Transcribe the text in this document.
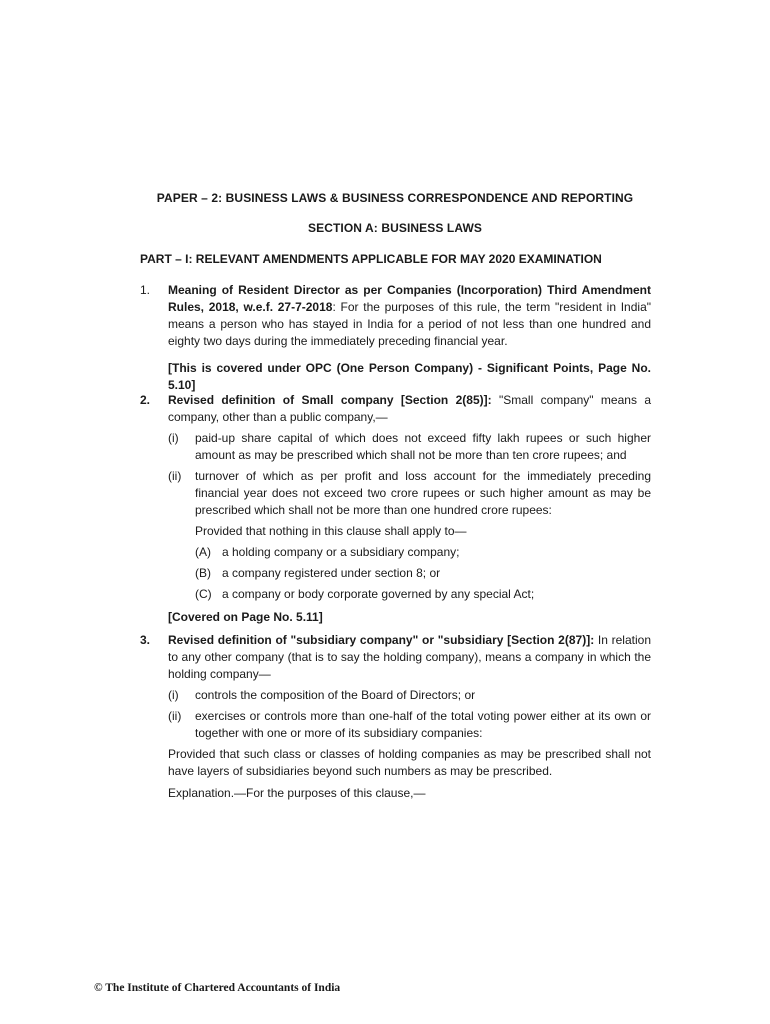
PAPER – 2: BUSINESS LAWS & BUSINESS CORRESPONDENCE AND REPORTING
SECTION A: BUSINESS LAWS
PART – I: RELEVANT AMENDMENTS APPLICABLE FOR MAY 2020 EXAMINATION
1.	Meaning of Resident Director as per Companies (Incorporation) Third Amendment Rules, 2018, w.e.f. 27-7-2018: For the purposes of this rule, the term "resident in India" means a person who has stayed in India for a period of not less than one hundred and eighty two days during the immediately preceding financial year.

[This is covered under OPC (One Person Company) - Significant Points, Page No. 5.10]

2.	Revised definition of Small company [Section 2(85)]: "Small company" means a company, other than a public company,—

(i) paid-up share capital of which does not exceed fifty lakh rupees or such higher amount as may be prescribed which shall not be more than ten crore rupees; and

(ii) turnover of which as per profit and loss account for the immediately preceding financial year does not exceed two crore rupees or such higher amount as may be prescribed which shall not be more than one hundred crore rupees:

Provided that nothing in this clause shall apply to—

(A) a holding company or a subsidiary company;

(B) a company registered under section 8; or

(C) a company or body corporate governed by any special Act;

[Covered on Page No. 5.11]

3.	Revised definition of "subsidiary company" or "subsidiary [Section 2(87)]: In relation to any other company (that is to say the holding company), means a company in which the holding company—

(i) controls the composition of the Board of Directors; or

(ii) exercises or controls more than one-half of the total voting power either at its own or together with one or more of its subsidiary companies:

Provided that such class or classes of holding companies as may be prescribed shall not have layers of subsidiaries beyond such numbers as may be prescribed.

Explanation.—For the purposes of this clause,—

© The Institute of Chartered Accountants of India
